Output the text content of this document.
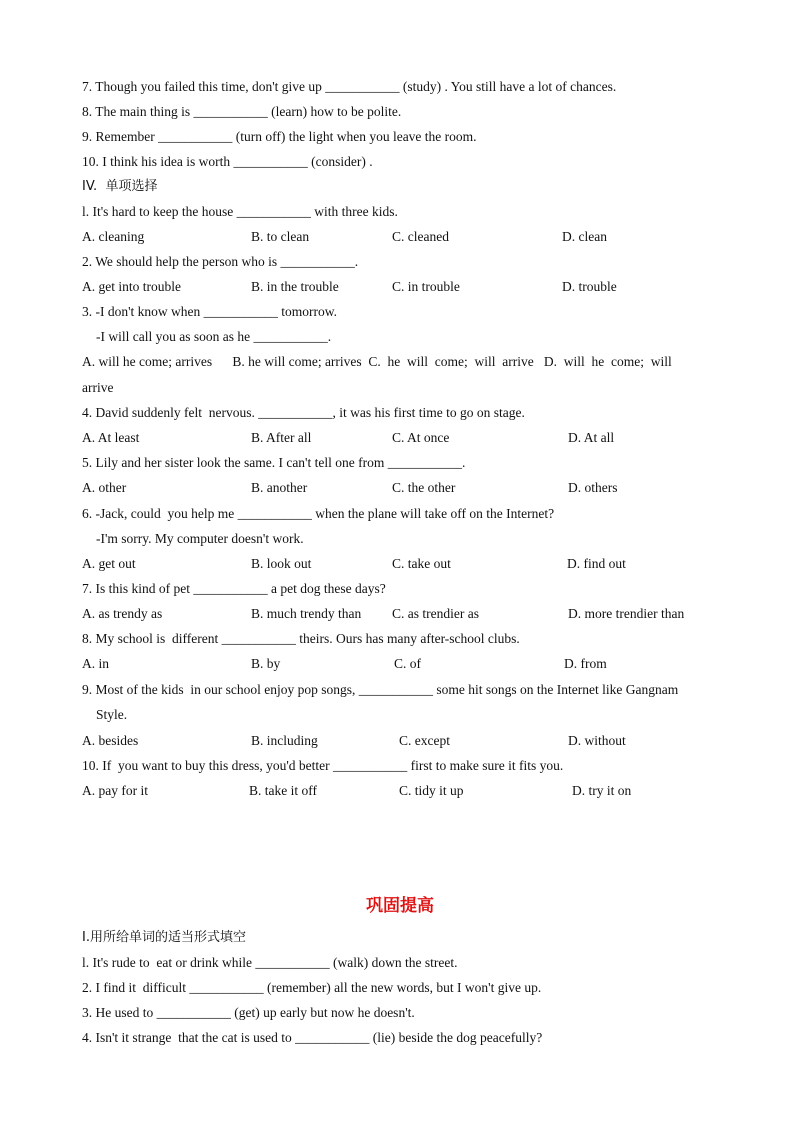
7. Though you failed this time, don't give up ___________ (study) . You still have a lot of chances.
8. The main thing is ___________ (learn) how to be polite.
9. Remember ___________ (turn off) the light when you leave the room.
10. I think his idea is worth ___________ (consider) .
IV.  单项选择
l. It's hard to keep the house ___________ with three kids.
A. cleaning	B. to clean	C. cleaned	D. clean
2. We should help the person who is ___________.
A. get into trouble	B. in the trouble	C. in trouble	D. trouble
3. -I don't know when ___________ tomorrow.
-I will call you as soon as he ___________.
A. will he come; arrives      B. he will come; arrives  C.  he  will  come;  will  arrive   D.  will  he  come;  will
arrive
4. David suddenly felt  nervous. ___________, it was his first time to go on stage.
A. At least	B. After all	C. At once	D. At all
5. Lily and her sister look the same. I can't tell one from ___________.
A. other	B. another	C. the other	D. others
6. -Jack, could  you help me ___________ when the plane will take off on the Internet?
-I'm sorry. My computer doesn't work.
A. get out	B. look out	C. take out	D. find out
7. Is this kind of pet ___________ a pet dog these days?
A. as trendy as	B. much trendy than C. as trendier as	D. more trendier than
8. My school is  different ___________ theirs. Ours has many after-school clubs.
A. in	B. by	C. of	D. from
9. Most of the kids  in our school enjoy pop songs, ___________ some hit songs on the Internet like Gangnam
Style.
A. besides	B. including	C. except	D. without
10. If  you want to buy this dress, you'd better ___________ first to make sure it fits you.
A. pay for it	B. take it off	C. tidy it up	D. try it on
巩固提高
I.用所给单词的适当形式填空
l. It's rude to  eat or drink while ___________ (walk) down the street.
2. I find it  difficult ___________ (remember) all the new words, but I won't give up.
3. He used to ___________ (get) up early but now he doesn't.
4. Isn't it strange  that the cat is used to ___________ (lie) beside the dog peacefully?
